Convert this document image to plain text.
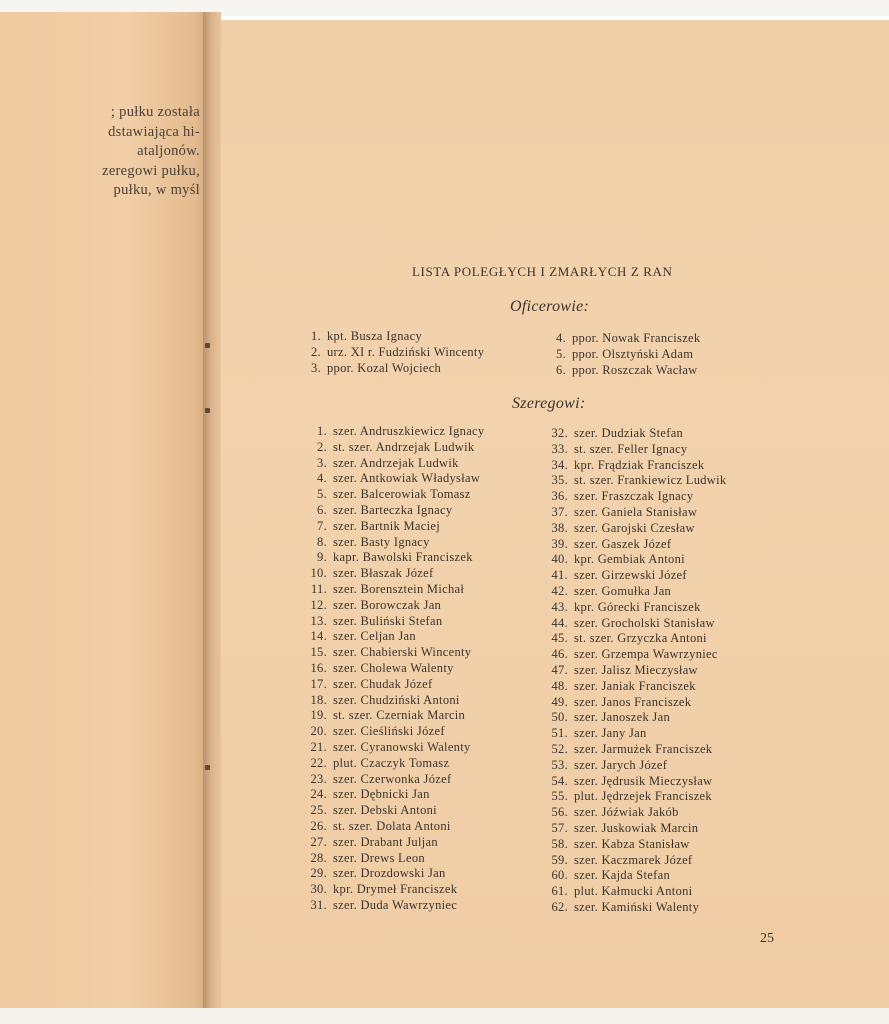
; pułku została
dstawiająca hi-
ataljonów.
zeregowi pułku,
pułku, w myśl
LISTA POLEGŁYCH I ZMARŁYCH Z RAN
Oficerowie:
1. kpt. Busza Ignacy
2. urz. XI r. Fudziński Wincenty
3. ppor. Kozal Wojciech
4. ppor. Nowak Franciszek
5. ppor. Olsztyński Adam
6. ppor. Roszczak Wacław
Szeregowi:
1. szer. Andruszkiewicz Ignacy
2. st. szer. Andrzejak Ludwik
3. szer. Andrzejak Ludwik
4. szer. Antkowiak Władysław
5. szer. Balcerowiak Tomasz
6. szer. Barteczka Ignacy
7. szer. Bartnik Maciej
8. szer. Basty Ignacy
9. kapr. Bawolski Franciszek
10. szer. Błaszak Józef
11. szer. Borensztein Michał
12. szer. Borowczak Jan
13. szer. Buliński Stefan
14. szer. Celjan Jan
15. szer. Chabierski Wincenty
16. szer. Cholewa Walenty
17. szer. Chudak Józef
18. szer. Chudziński Antoni
19. st. szer. Czerniak Marcin
20. szer. Cieśliński Józef
21. szer. Cyranowski Walenty
22. plut. Czaczyk Tomasz
23. szer. Czerwonka Józef
24. szer. Dębnicki Jan
25. szer. Debski Antoni
26. st. szer. Dolata Antoni
27. szer. Drabant Juljan
28. szer. Drews Leon
29. szer. Drozdowski Jan
30. kpr. Drymeł Franciszek
31. szer. Duda Wawrzyniec
32. szer. Dudziak Stefan
33. st. szer. Feller Ignacy
34. kpr. Frądziak Franciszek
35. st. szer. Frankiewicz Ludwik
36. szer. Fraszczak Ignacy
37. szer. Ganiela Stanisław
38. szer. Garojski Czesław
39. szer. Gaszek Józef
40. kpr. Gembiak Antoni
41. szer. Girzewski Józef
42. szer. Gomułka Jan
43. kpr. Górecki Franciszek
44. szer. Grocholski Stanisław
45. st. szer. Grzyczka Antoni
46. szer. Grzempa Wawrzyniec
47. szer. Jalisz Mieczysław
48. szer. Janiak Franciszek
49. szer. Janos Franciszek
50. szer. Janoszek Jan
51. szer. Jany Jan
52. szer. Jarmużek Franciszek
53. szer. Jarych Józef
54. szer. Jędrusik Mieczysław
55. plut. Jędrzejek Franciszek
56. szer. Jóźwiak Jakób
57. szer. Juskowiak Marcin
58. szer. Kabza Stanisław
59. szer. Kaczmarek Józef
60. szer. Kajda Stefan
61. plut. Kałmucki Antoni
62. szer. Kamiński Walenty
25
